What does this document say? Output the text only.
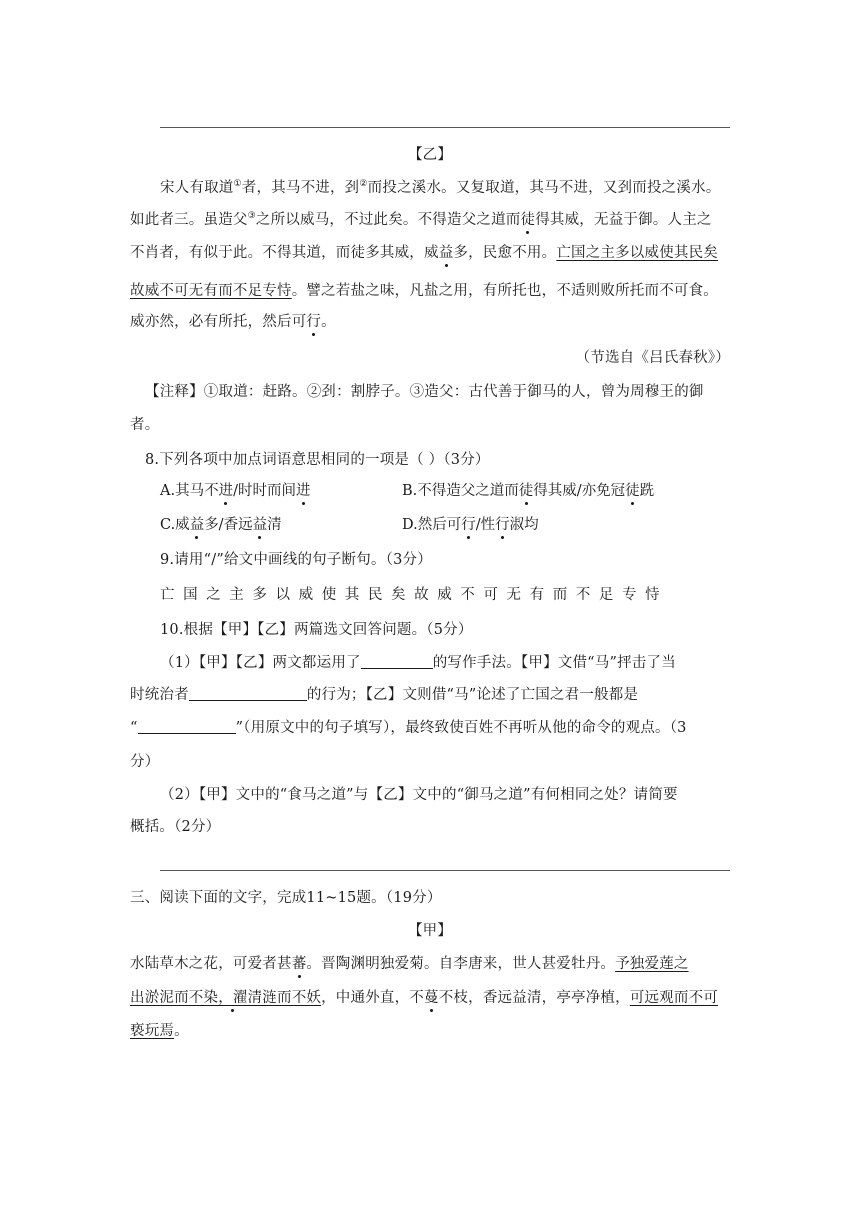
【乙】
宋人有取道①者，其马不进，刭②而投之溪水。又复取道，其马不进，又刭而投之溪水。
如此者三。虽造父③之所以威马，不过此矣。不得造父之道而徒得其威，无益于御。人主之
不肖者，有似于此。不得其道，而徒多其威，威益多，民愈不用。亡国之主多以威使其民矣
故威不可无有而不足专恃。譬之若盐之味，凡盐之用，有所托也，不适则败所托而不可食。
威亦然，必有所托，然后可行。
（节选自《吕氏春秋》）
【注释】①取道：赶路。②刭：割脖子。③造父：古代善于御马的人，曾为周穆王的御
者。
8.下列各项中加点词语意思相同的一项是（ ）（3分）
A.其马不进/时时而间进	B.不得造父之道而徒得其威/亦免冠徒跣
C.威益多/香远益清	D.然后可行/性行淑均
9.请用“/”给文中画线的句子断句。（3分）
亡国之主多以威使其民矣故威不可无有而不足专恃
10.根据【甲】【乙】两篇选文回答问题。（5分）
（1）【甲】【乙】两文都运用了	的写作手法。【甲】文借“马”抨击了当
时统治者	的行为；【乙】文则借“马”论述了亡国之君一般都是
“	”（用原文中的句子填写），最终致使百姓不再听从他的命令的观点。（3
分）
（2）【甲】文中的“食马之道”与【乙】文中的“御马之道”有何相同之处？请简要
概括。（2分）
三、阅读下面的文字，完成11~15题。（19分）
【甲】
水陆草木之花，可爱者甚蕃。晋陶渊明独爱菊。自李唐来，世人甚爱牡丹。予独爱莲之
出淤泥而不染，濯清涟而不妖，中通外直，不蔓不枝，香远益清，亭亭净植，可远观而不可
亵玩焉。
